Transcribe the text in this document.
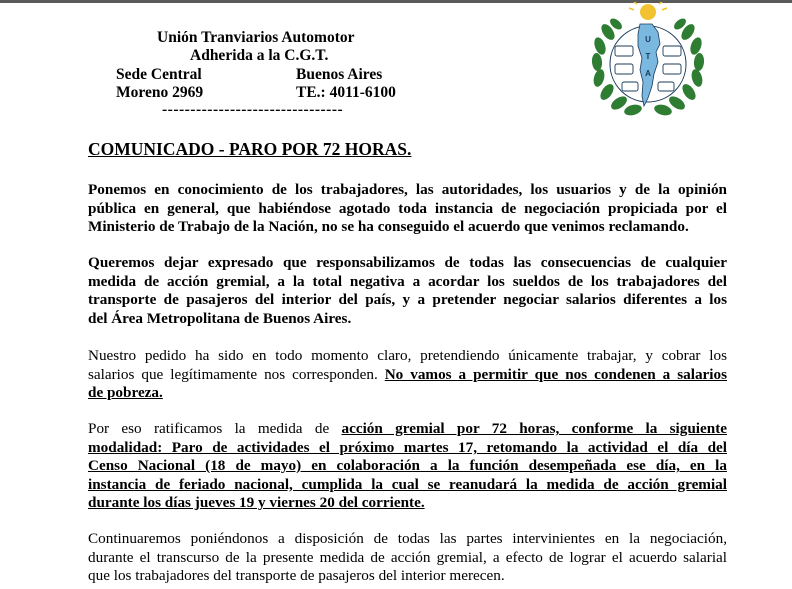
Unión Tranviarios Automotor
Adherida a la C.G.T.
Sede Central	Buenos Aires
Moreno 2969	TE.: 4011-6100
--------------------------------
U
T
A
COMUNICADO - PARO POR 72 HORAS.

Ponemos en conocimiento de los trabajadores, las autoridades, los usuarios y de la opinión
pública en general, que habiéndose agotado toda instancia de negociación propiciada por el
Ministerio de Trabajo de la Nación, no se ha conseguido el acuerdo que venimos reclamando.

Queremos dejar expresado que responsabilizamos de todas las consecuencias de cualquier
medida de acción gremial, a la total negativa a acordar los sueldos de los trabajadores del
transporte de pasajeros del interior del país, y a pretender negociar salarios diferentes a los
del Área Metropolitana de Buenos Aires.

Nuestro pedido ha sido en todo momento claro, pretendiendo únicamente trabajar, y cobrar los
salarios que legítimamente nos corresponden. No vamos a permitir que nos condenen a salarios
de pobreza.

Por eso ratificamos la medida de acción gremial por 72 horas, conforme la siguiente
modalidad: Paro de actividades el próximo martes 17, retomando la actividad el día del
Censo Nacional (18 de mayo) en colaboración a la función desempeñada ese día, en la
instancia de feriado nacional, cumplida la cual se reanudará la medida de acción gremial
durante los días jueves 19 y viernes 20 del corriente.

Continuaremos poniéndonos a disposición de todas las partes intervinientes en la negociación,
durante el transcurso de la presente medida de acción gremial, a efecto de lograr el acuerdo salarial
que los trabajadores del transporte de pasajeros del interior merecen.
